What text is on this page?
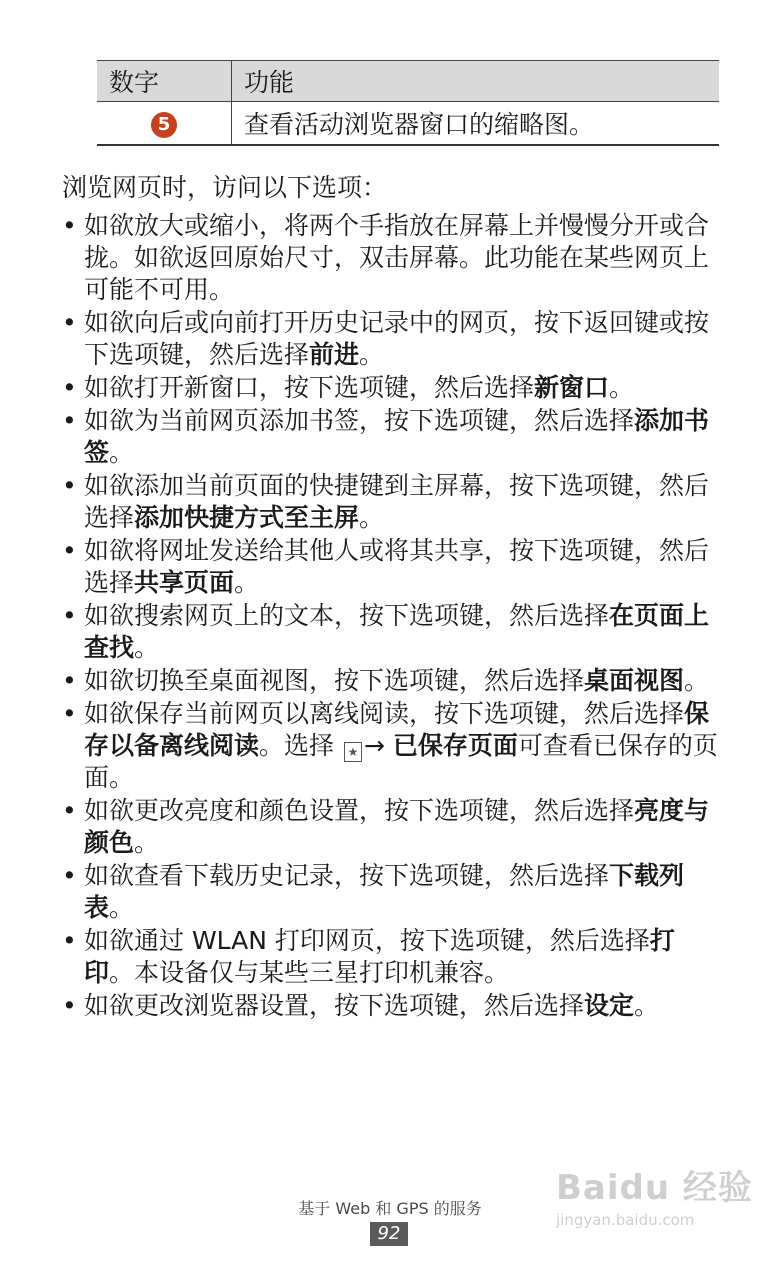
数字	功能
5	查看活动浏览器窗口的缩略图。

浏览网页时，访问以下选项：

• 如欲放大或缩小，将两个手指放在屏幕上并慢慢分开或合拢。如欲返回原始尺寸，双击屏幕。此功能在某些网页上可能不可用。
• 如欲向后或向前打开历史记录中的网页，按下返回键或按下选项键，然后选择前进。
• 如欲打开新窗口，按下选项键，然后选择新窗口。
• 如欲为当前网页添加书签，按下选项键，然后选择添加书签。
• 如欲添加当前页面的快捷键到主屏幕，按下选项键，然后选择添加快捷方式至主屏。
• 如欲将网址发送给其他人或将其共享，按下选项键，然后选择共享页面。
• 如欲搜索网页上的文本，按下选项键，然后选择在页面上查找。
• 如欲切换至桌面视图，按下选项键，然后选择桌面视图。
• 如欲保存当前网页以离线阅读，按下选项键，然后选择保存以备离线阅读。选择 ★ → 已保存页面可查看已保存的页面。
• 如欲更改亮度和颜色设置，按下选项键，然后选择亮度与颜色。
• 如欲查看下载历史记录，按下选项键，然后选择下载列表。
• 如欲通过 WLAN 打印网页，按下选项键，然后选择打印。本设备仅与某些三星打印机兼容。
• 如欲更改浏览器设置，按下选项键，然后选择设定。
基于 Web 和 GPS 的服务
92
Baidu 经验
jingyan.baidu.com
